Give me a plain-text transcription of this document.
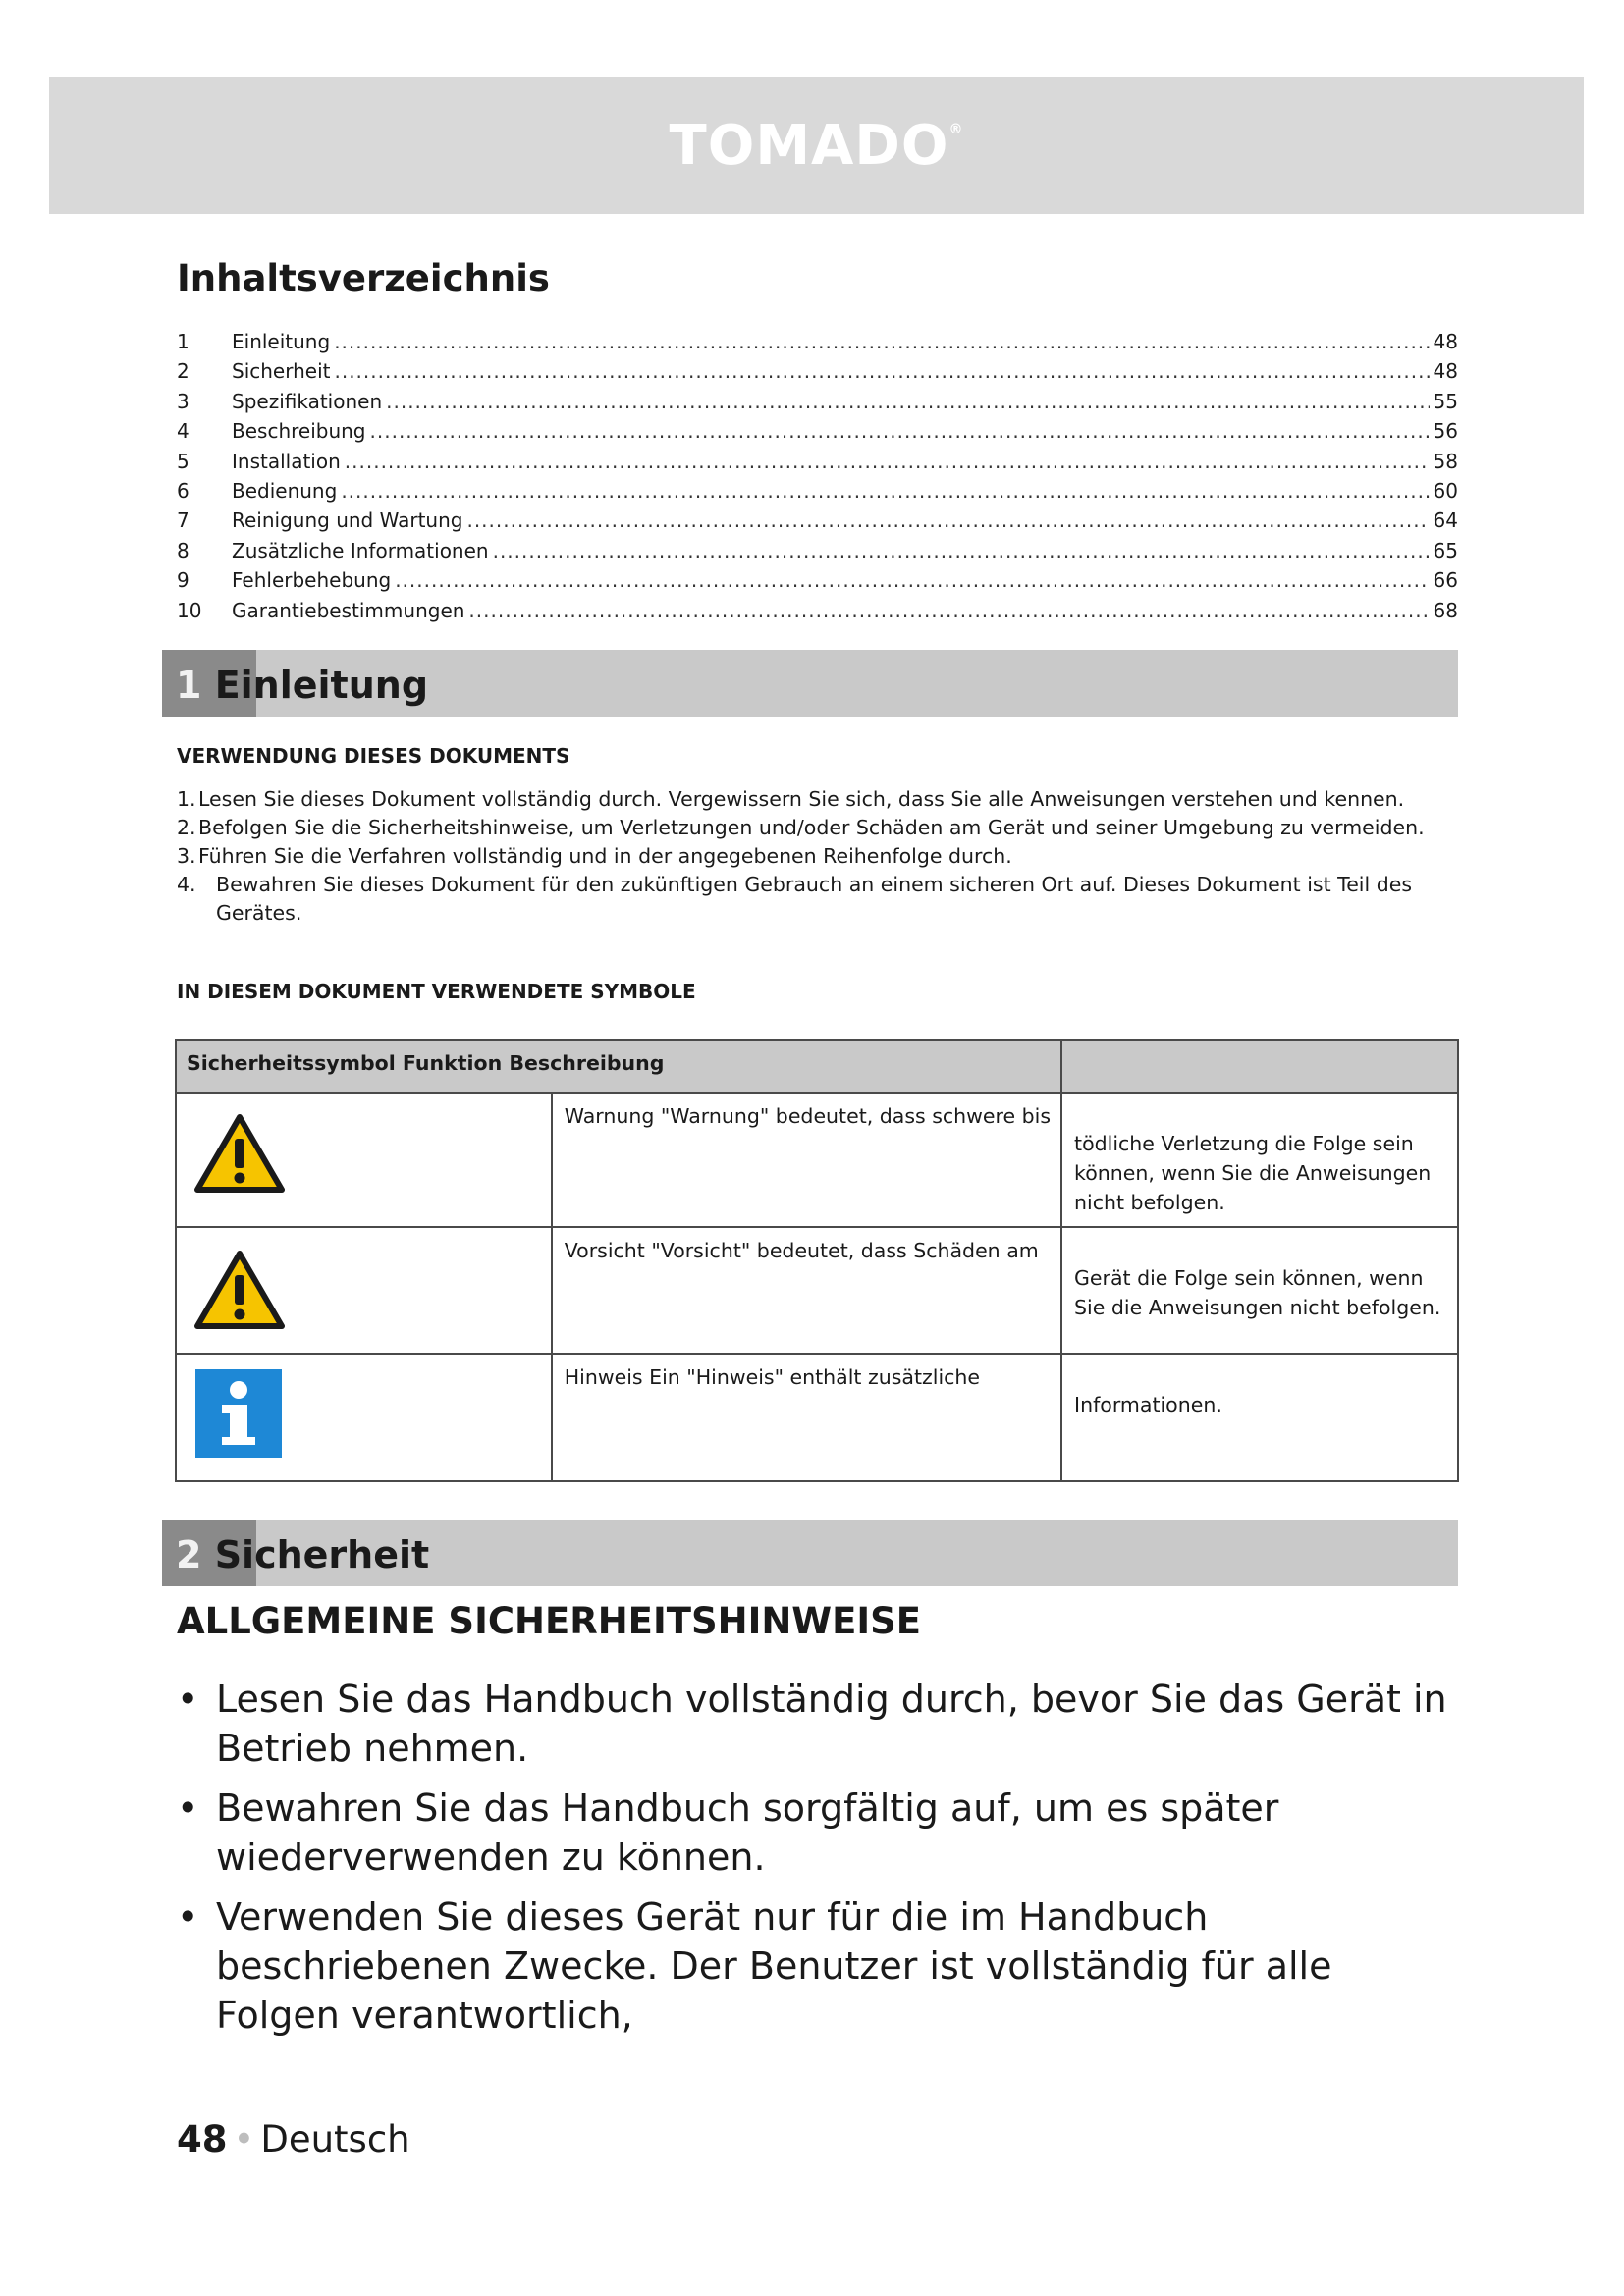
TOMADO®
Inhaltsverzeichnis
1	Einleitung .....	48
2	Sicherheit .....	48
3	Spezifikationen .....	55
4	Beschreibung .....	56
5	Installation .....	58
6	Bedienung .....	60
7	Reinigung und Wartung .....	64
8	Zusätzliche Informationen .....	65
9	Fehlerbehebung .....	66
10	Garantiebestimmungen .....	68
1 Einleitung
VERWENDUNG DIESES DOKUMENTS
1. Lesen Sie dieses Dokument vollständig durch. Vergewissern Sie sich, dass Sie alle Anweisungen verstehen und kennen.
2. Befolgen Sie die Sicherheitshinweise, um Verletzungen und/oder Schäden am Gerät und seiner Umgebung zu vermeiden.
3. Führen Sie die Verfahren vollständig und in der angegebenen Reihenfolge durch.
4. Bewahren Sie dieses Dokument für den zukünftigen Gebrauch an einem sicheren Ort auf. Dieses Dokument ist Teil des Gerätes.
IN DIESEM DOKUMENT VERWENDETE SYMBOLE
Sicherheitssymbol Funktion Beschreibung		

Warnung "Warnung" bedeutet, dass schwere bis	tödliche Verletzung die Folge sein können, wenn Sie die Anweisungen nicht befolgen.

Vorsicht "Vorsicht" bedeutet, dass Schäden am	Gerät die Folge sein können, wenn Sie die Anweisungen nicht befolgen.

Hinweis Ein "Hinweis" enthält zusätzliche	Informationen.
2 Sicherheit
ALLGEMEINE SICHERHEITSHINWEISE
• Lesen Sie das Handbuch vollständig durch, bevor Sie das Gerät in Betrieb nehmen.
• Bewahren Sie das Handbuch sorgfältig auf, um es später wiederverwenden zu können.
• Verwenden Sie dieses Gerät nur für die im Handbuch beschriebenen Zwecke. Der Benutzer ist vollständig für alle Folgen verantwortlich,
48 • Deutsch
